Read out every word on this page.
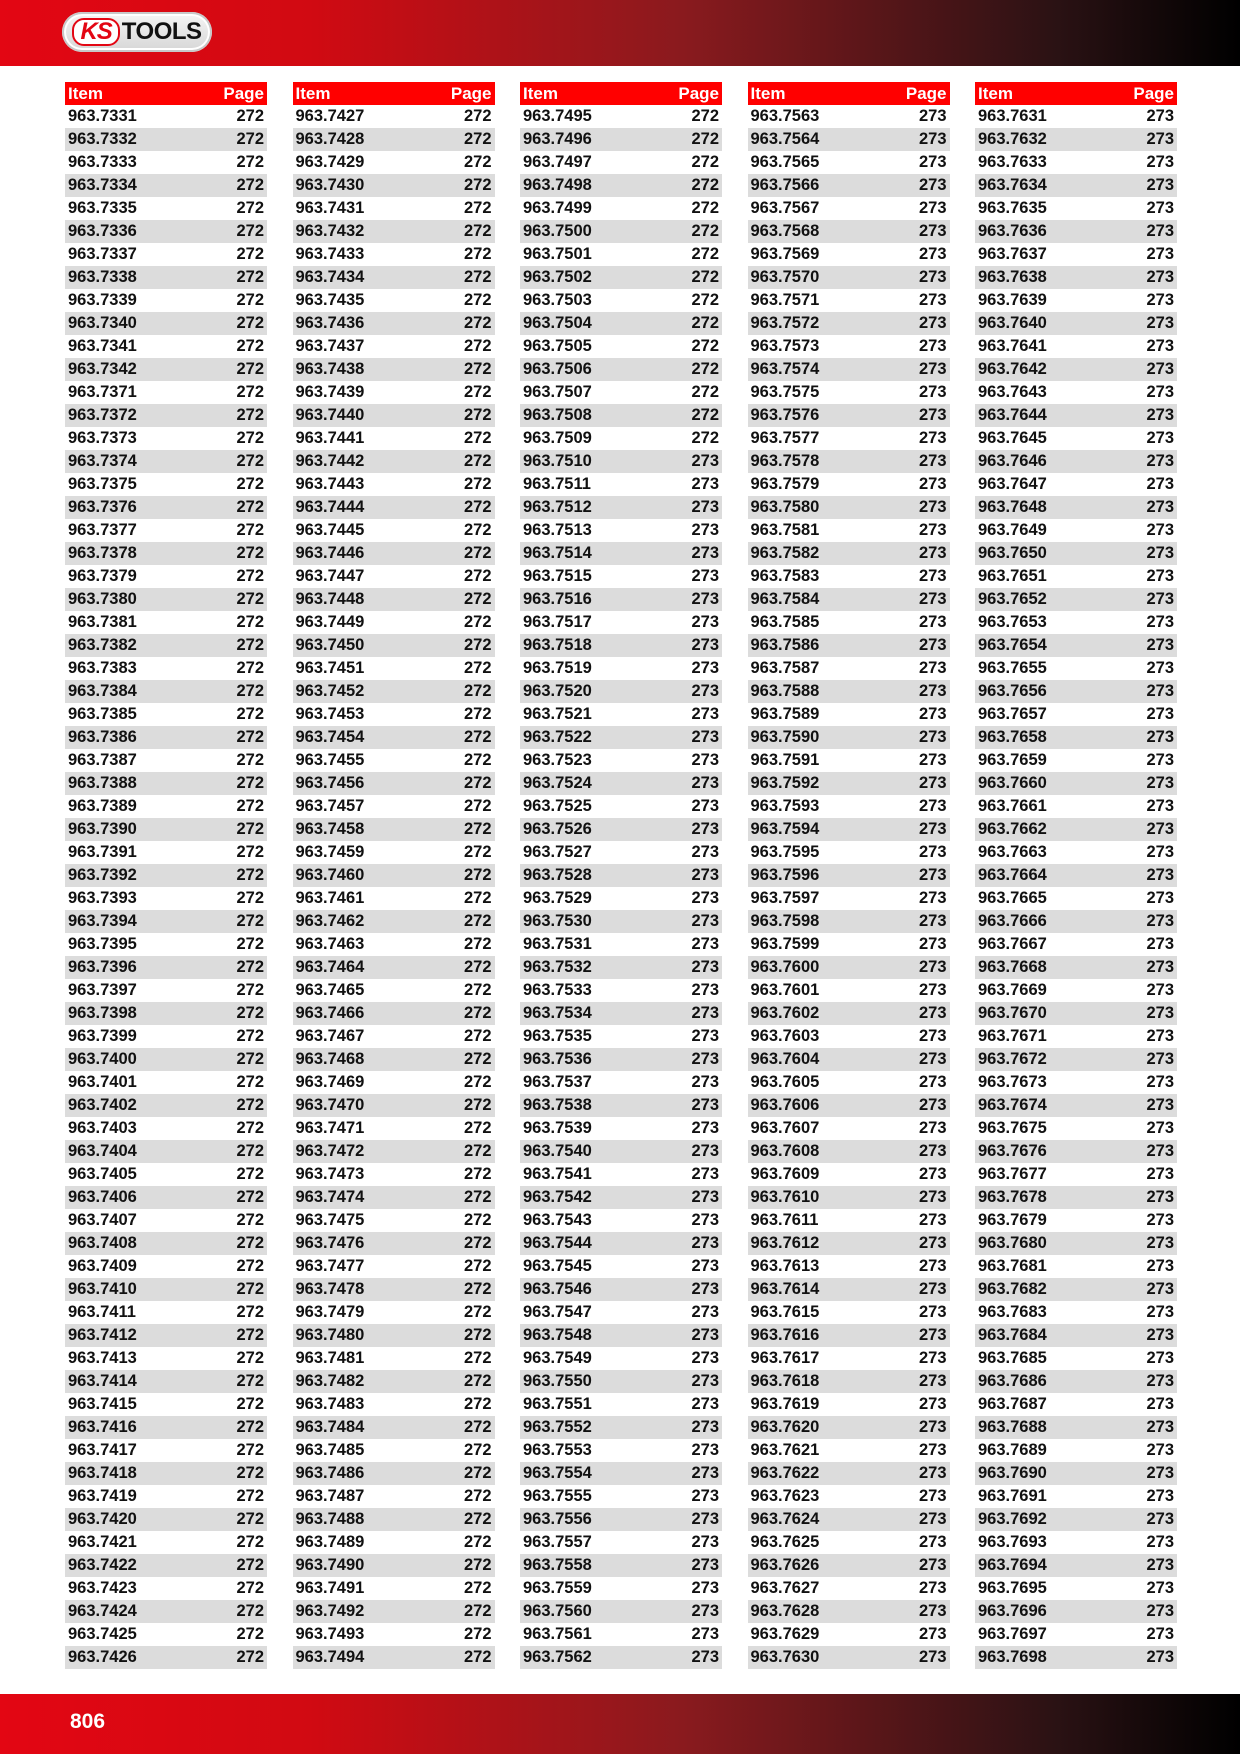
KS TOOLS
Item	Page
963.7331	272
963.7332	272
963.7333	272
963.7334	272
963.7335	272
963.7336	272
963.7337	272
963.7338	272
963.7339	272
963.7340	272
963.7341	272
963.7342	272
963.7371	272
963.7372	272
963.7373	272
963.7374	272
963.7375	272
963.7376	272
963.7377	272
963.7378	272
963.7379	272
963.7380	272
963.7381	272
963.7382	272
963.7383	272
963.7384	272
963.7385	272
963.7386	272
963.7387	272
963.7388	272
963.7389	272
963.7390	272
963.7391	272
963.7392	272
963.7393	272
963.7394	272
963.7395	272
963.7396	272
963.7397	272
963.7398	272
963.7399	272
963.7400	272
963.7401	272
963.7402	272
963.7403	272
963.7404	272
963.7405	272
963.7406	272
963.7407	272
963.7408	272
963.7409	272
963.7410	272
963.7411	272
963.7412	272
963.7413	272
963.7414	272
963.7415	272
963.7416	272
963.7417	272
963.7418	272
963.7419	272
963.7420	272
963.7421	272
963.7422	272
963.7423	272
963.7424	272
963.7425	272
963.7426	272
Item	Page
963.7427	272
963.7428	272
963.7429	272
963.7430	272
963.7431	272
963.7432	272
963.7433	272
963.7434	272
963.7435	272
963.7436	272
963.7437	272
963.7438	272
963.7439	272
963.7440	272
963.7441	272
963.7442	272
963.7443	272
963.7444	272
963.7445	272
963.7446	272
963.7447	272
963.7448	272
963.7449	272
963.7450	272
963.7451	272
963.7452	272
963.7453	272
963.7454	272
963.7455	272
963.7456	272
963.7457	272
963.7458	272
963.7459	272
963.7460	272
963.7461	272
963.7462	272
963.7463	272
963.7464	272
963.7465	272
963.7466	272
963.7467	272
963.7468	272
963.7469	272
963.7470	272
963.7471	272
963.7472	272
963.7473	272
963.7474	272
963.7475	272
963.7476	272
963.7477	272
963.7478	272
963.7479	272
963.7480	272
963.7481	272
963.7482	272
963.7483	272
963.7484	272
963.7485	272
963.7486	272
963.7487	272
963.7488	272
963.7489	272
963.7490	272
963.7491	272
963.7492	272
963.7493	272
963.7494	272
Item	Page
963.7495	272
963.7496	272
963.7497	272
963.7498	272
963.7499	272
963.7500	272
963.7501	272
963.7502	272
963.7503	272
963.7504	272
963.7505	272
963.7506	272
963.7507	272
963.7508	272
963.7509	272
963.7510	273
963.7511	273
963.7512	273
963.7513	273
963.7514	273
963.7515	273
963.7516	273
963.7517	273
963.7518	273
963.7519	273
963.7520	273
963.7521	273
963.7522	273
963.7523	273
963.7524	273
963.7525	273
963.7526	273
963.7527	273
963.7528	273
963.7529	273
963.7530	273
963.7531	273
963.7532	273
963.7533	273
963.7534	273
963.7535	273
963.7536	273
963.7537	273
963.7538	273
963.7539	273
963.7540	273
963.7541	273
963.7542	273
963.7543	273
963.7544	273
963.7545	273
963.7546	273
963.7547	273
963.7548	273
963.7549	273
963.7550	273
963.7551	273
963.7552	273
963.7553	273
963.7554	273
963.7555	273
963.7556	273
963.7557	273
963.7558	273
963.7559	273
963.7560	273
963.7561	273
963.7562	273
Item	Page
963.7563	273
963.7564	273
963.7565	273
963.7566	273
963.7567	273
963.7568	273
963.7569	273
963.7570	273
963.7571	273
963.7572	273
963.7573	273
963.7574	273
963.7575	273
963.7576	273
963.7577	273
963.7578	273
963.7579	273
963.7580	273
963.7581	273
963.7582	273
963.7583	273
963.7584	273
963.7585	273
963.7586	273
963.7587	273
963.7588	273
963.7589	273
963.7590	273
963.7591	273
963.7592	273
963.7593	273
963.7594	273
963.7595	273
963.7596	273
963.7597	273
963.7598	273
963.7599	273
963.7600	273
963.7601	273
963.7602	273
963.7603	273
963.7604	273
963.7605	273
963.7606	273
963.7607	273
963.7608	273
963.7609	273
963.7610	273
963.7611	273
963.7612	273
963.7613	273
963.7614	273
963.7615	273
963.7616	273
963.7617	273
963.7618	273
963.7619	273
963.7620	273
963.7621	273
963.7622	273
963.7623	273
963.7624	273
963.7625	273
963.7626	273
963.7627	273
963.7628	273
963.7629	273
963.7630	273
Item	Page
963.7631	273
963.7632	273
963.7633	273
963.7634	273
963.7635	273
963.7636	273
963.7637	273
963.7638	273
963.7639	273
963.7640	273
963.7641	273
963.7642	273
963.7643	273
963.7644	273
963.7645	273
963.7646	273
963.7647	273
963.7648	273
963.7649	273
963.7650	273
963.7651	273
963.7652	273
963.7653	273
963.7654	273
963.7655	273
963.7656	273
963.7657	273
963.7658	273
963.7659	273
963.7660	273
963.7661	273
963.7662	273
963.7663	273
963.7664	273
963.7665	273
963.7666	273
963.7667	273
963.7668	273
963.7669	273
963.7670	273
963.7671	273
963.7672	273
963.7673	273
963.7674	273
963.7675	273
963.7676	273
963.7677	273
963.7678	273
963.7679	273
963.7680	273
963.7681	273
963.7682	273
963.7683	273
963.7684	273
963.7685	273
963.7686	273
963.7687	273
963.7688	273
963.7689	273
963.7690	273
963.7691	273
963.7692	273
963.7693	273
963.7694	273
963.7695	273
963.7696	273
963.7697	273
963.7698	273
806
